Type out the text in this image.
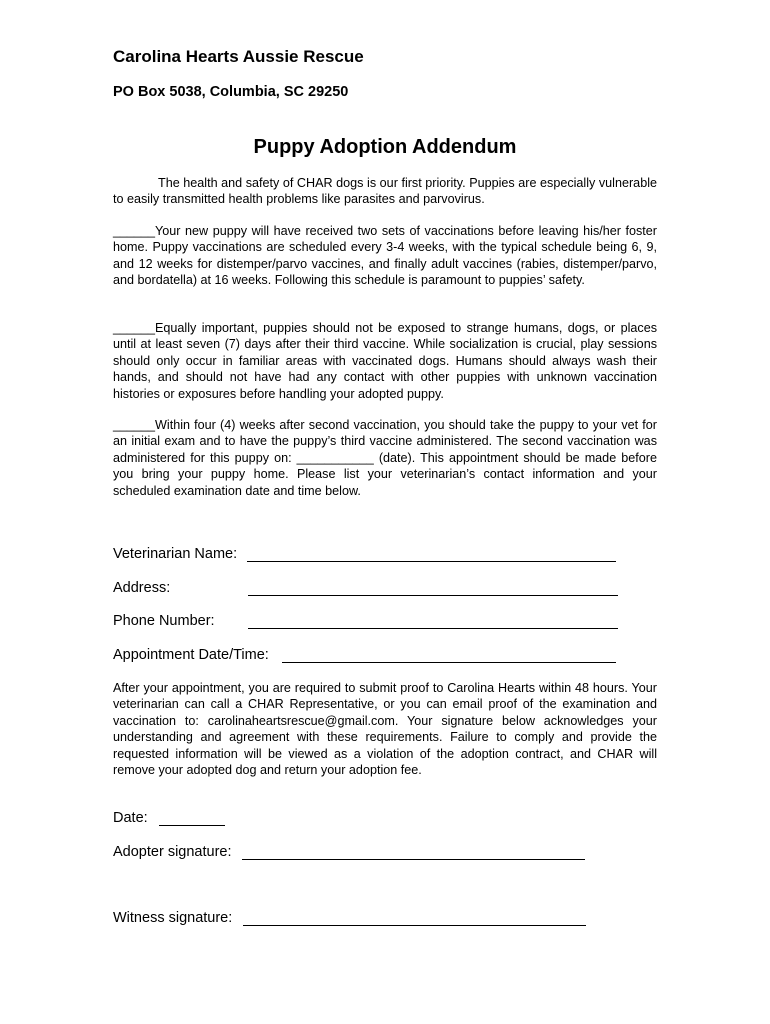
Carolina Hearts Aussie Rescue
PO Box 5038, Columbia, SC 29250
Puppy Adoption Addendum

The health and safety of CHAR dogs is our first priority. Puppies are especially vulnerable to easily transmitted health problems like parasites and parvovirus.

______Your new puppy will have received two sets of vaccinations before leaving his/her foster home. Puppy vaccinations are scheduled every 3-4 weeks, with the typical schedule being 6, 9, and 12 weeks for distemper/parvo vaccines, and finally adult vaccines (rabies, distemper/parvo, and bordatella) at 16 weeks. Following this schedule is paramount to puppies’ safety.

______Equally important, puppies should not be exposed to strange humans, dogs, or places until at least seven (7) days after their third vaccine. While socialization is crucial, play sessions should only occur in familiar areas with vaccinated dogs. Humans should always wash their hands, and should not have had any contact with other puppies with unknown vaccination histories or exposures before handling your adopted puppy.

______Within four (4) weeks after second vaccination, you should take the puppy to your vet for an initial exam and to have the puppy’s third vaccine administered. The second vaccination was administered for this puppy on: ___________ (date). This appointment should be made before you bring your puppy home. Please list your veterinarian’s contact information and your scheduled examination date and time below.

Veterinarian Name:
Address:
Phone Number:
Appointment Date/Time:

After your appointment, you are required to submit proof to Carolina Hearts within 48 hours. Your veterinarian can call a CHAR Representative, or you can email proof of the examination and vaccination to: carolinaheartsrescue@gmail.com. Your signature below acknowledges your understanding and agreement with these requirements. Failure to comply and provide the requested information will be viewed as a violation of the adoption contract, and CHAR will remove your adopted dog and return your adoption fee.

Date:
Adopter signature:
Witness signature:
